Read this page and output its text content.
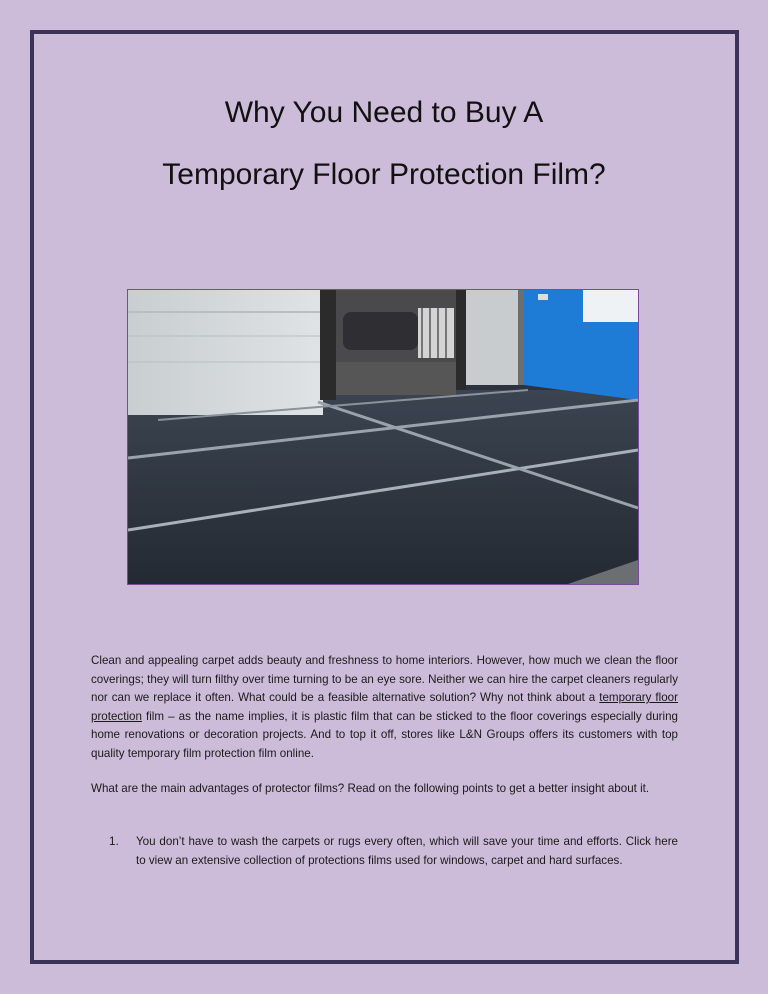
Why You Need to Buy A
Temporary Floor Protection Film?

Clean and appealing carpet adds beauty and freshness to home interiors. However, how much we clean the floor coverings; they will turn filthy over time turning to be an eye sore. Neither we can hire the carpet cleaners regularly nor can we replace it often. What could be a feasible alternative solution? Why not think about a temporary floor protection film – as the name implies, it is plastic film that can be sticked to the floor coverings especially during home renovations or decoration projects. And to top it off, stores like L&N Groups offers its customers with top quality temporary film protection film online.

What are the main advantages of protector films? Read on the following points to get a better insight about it.

1. You don’t have to wash the carpets or rugs every often, which will save your time and efforts. Click here to view an extensive collection of protections films used for windows, carpet and hard surfaces.
